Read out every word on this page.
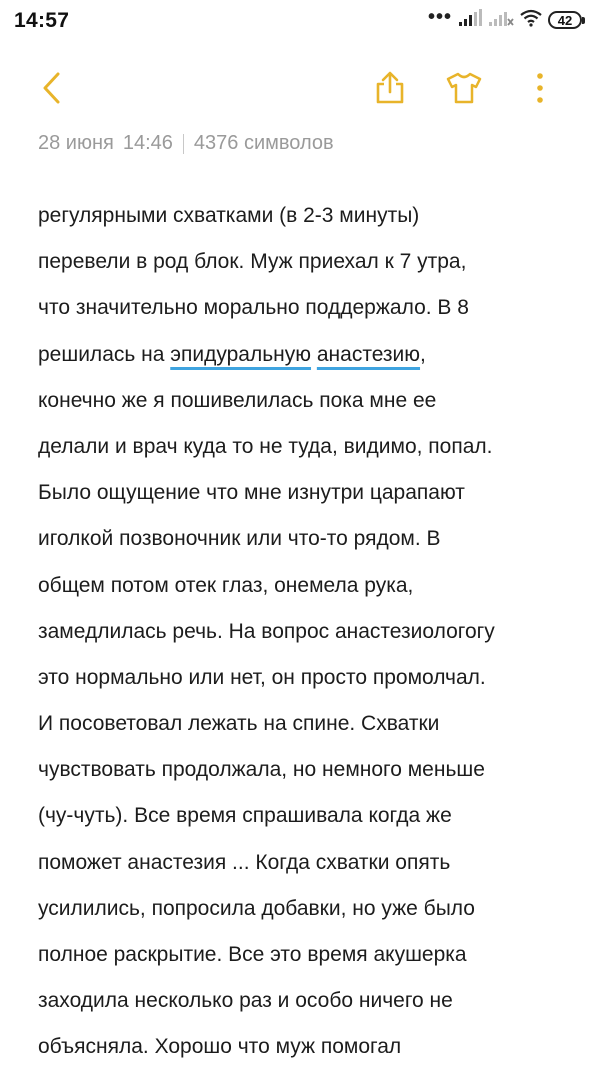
14:57	•••	42
28 июня 14:46 4376 символов
регулярными схватками (в 2-3 минуты)
перевели в род блок. Муж приехал к 7 утра,
что значительно морально поддержало. В 8
решилась на эпидуральную анастезию,
конечно же я пошивелилась пока мне ее
делали и врач куда то не туда, видимо, попал.
Было ощущение что мне изнутри царапают
иголкой позвоночник или что-то рядом. В
общем потом отек глаз, онемела рука,
замедлилась речь. На вопрос анастезиологогу
это нормально или нет, он просто промолчал.
И посоветовал лежать на спине. Схватки
чувствовать продолжала, но немного меньше
(чу-чуть). Все время спрашивала когда же
поможет анастезия ... Когда схватки опять
усилились, попросила добавки, но уже было
полное раскрытие. Все это время акушерка
заходила несколько раз и особо ничего не
объясняла. Хорошо что муж помогал
